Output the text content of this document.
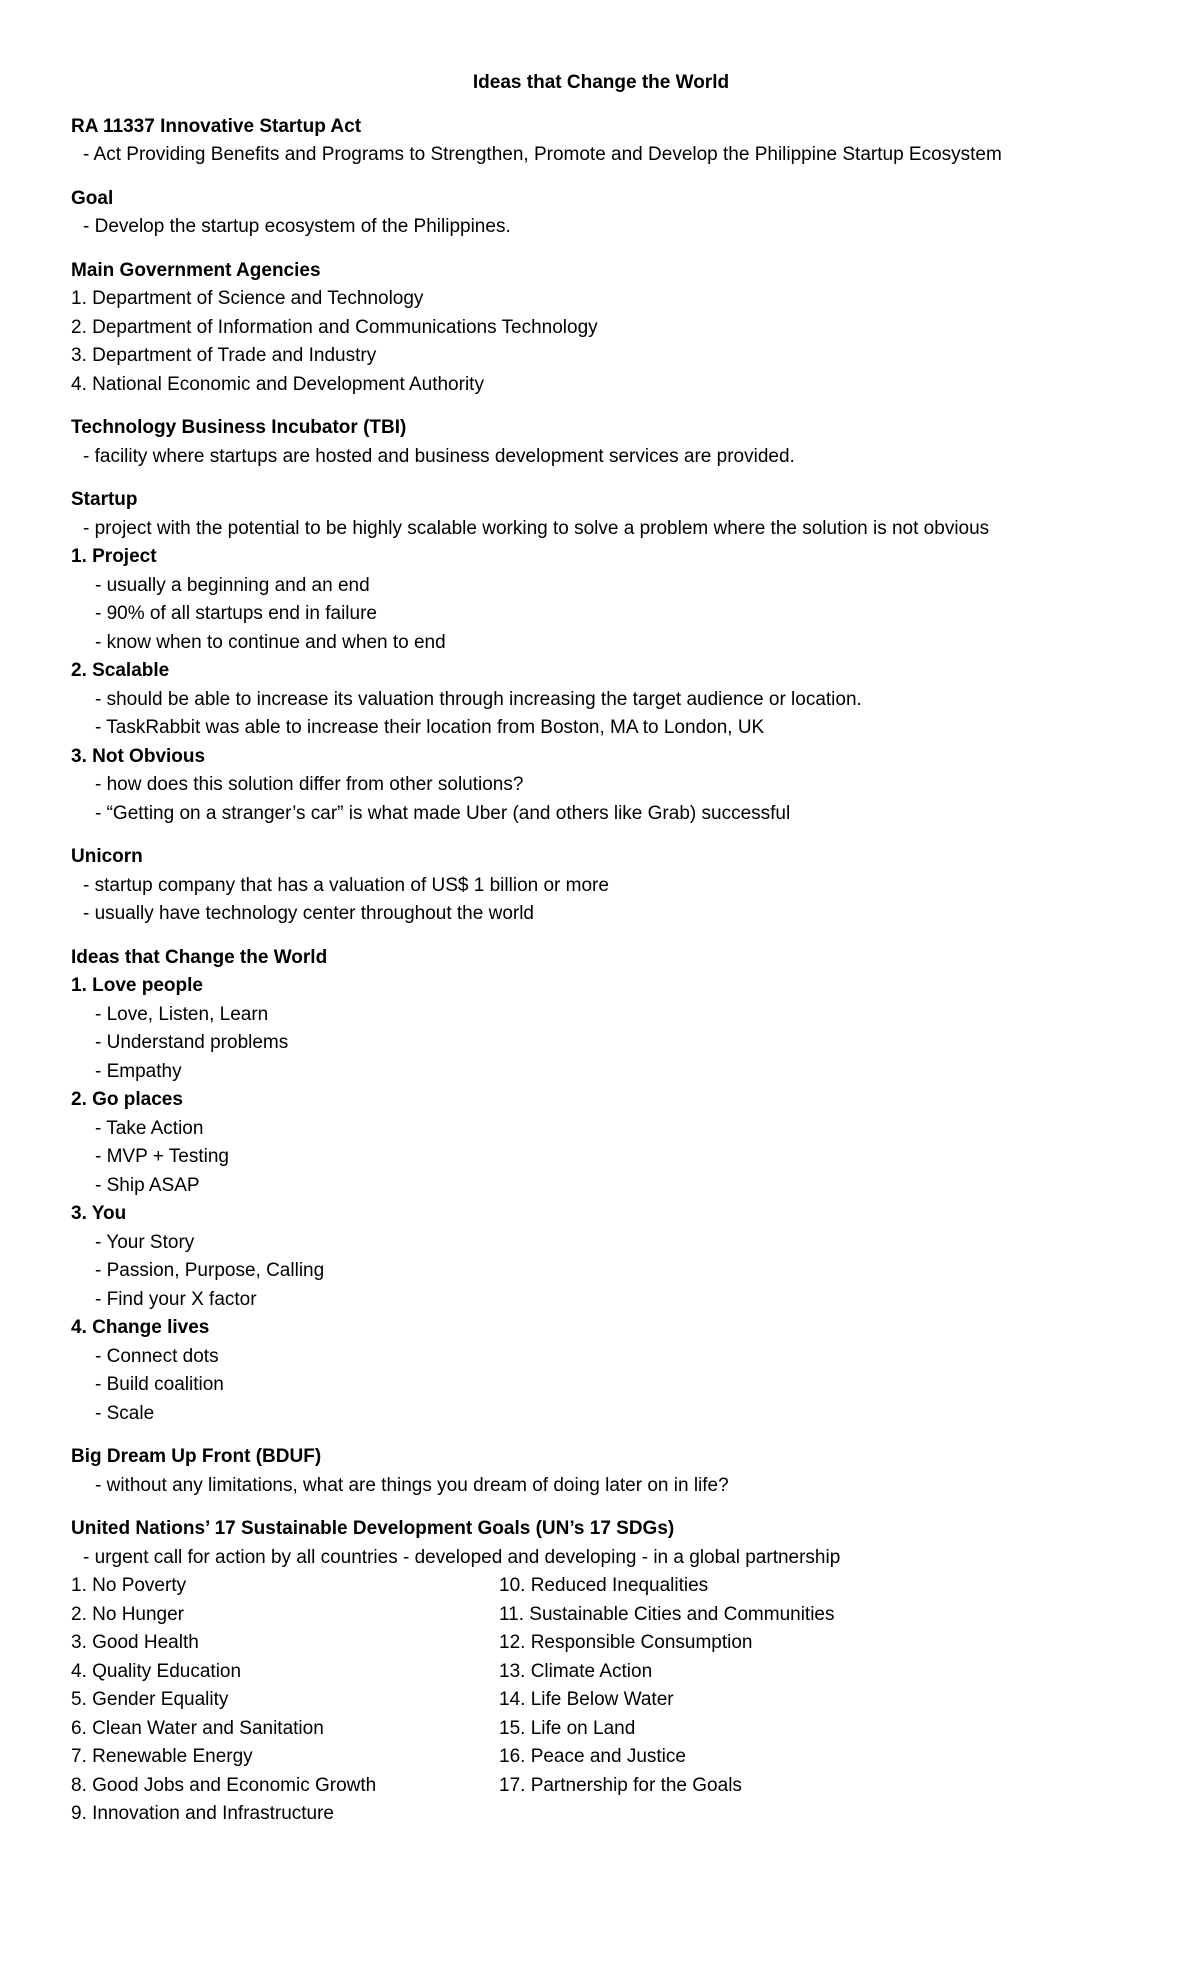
Ideas that Change the World
RA 11337 Innovative Startup Act
- Act Providing Benefits and Programs to Strengthen, Promote and Develop the Philippine Startup Ecosystem
Goal
- Develop the startup ecosystem of the Philippines.
Main Government Agencies
1. Department of Science and Technology
2. Department of Information and Communications Technology
3. Department of Trade and Industry
4. National Economic and Development Authority
Technology Business Incubator (TBI)
- facility where startups are hosted and business development services are provided.
Startup
- project with the potential to be highly scalable working to solve a problem where the solution is not obvious
1. Project
- usually a beginning and an end
- 90% of all startups end in failure
- know when to continue and when to end
2. Scalable
- should be able to increase its valuation through increasing the target audience or location.
- TaskRabbit was able to increase their location from Boston, MA to London, UK
3. Not Obvious
- how does this solution differ from other solutions?
- “Getting on a stranger’s car” is what made Uber (and others like Grab) successful
Unicorn
- startup company that has a valuation of US$ 1 billion or more
- usually have technology center throughout the world
Ideas that Change the World
1. Love people
- Love, Listen, Learn
- Understand problems
- Empathy
2. Go places
- Take Action
- MVP + Testing
- Ship ASAP
3. You
- Your Story
- Passion, Purpose, Calling
- Find your X factor
4. Change lives
- Connect dots
- Build coalition
- Scale
Big Dream Up Front (BDUF)
- without any limitations, what are things you dream of doing later on in life?
United Nations’ 17 Sustainable Development Goals (UN’s 17 SDGs)
- urgent call for action by all countries - developed and developing - in a global partnership
1. No Poverty
2. No Hunger
3. Good Health
4. Quality Education
5. Gender Equality
6. Clean Water and Sanitation
7. Renewable Energy
8. Good Jobs and Economic Growth
9. Innovation and Infrastructure
10. Reduced Inequalities
11. Sustainable Cities and Communities
12. Responsible Consumption
13. Climate Action
14. Life Below Water
15. Life on Land
16. Peace and Justice
17. Partnership for the Goals
